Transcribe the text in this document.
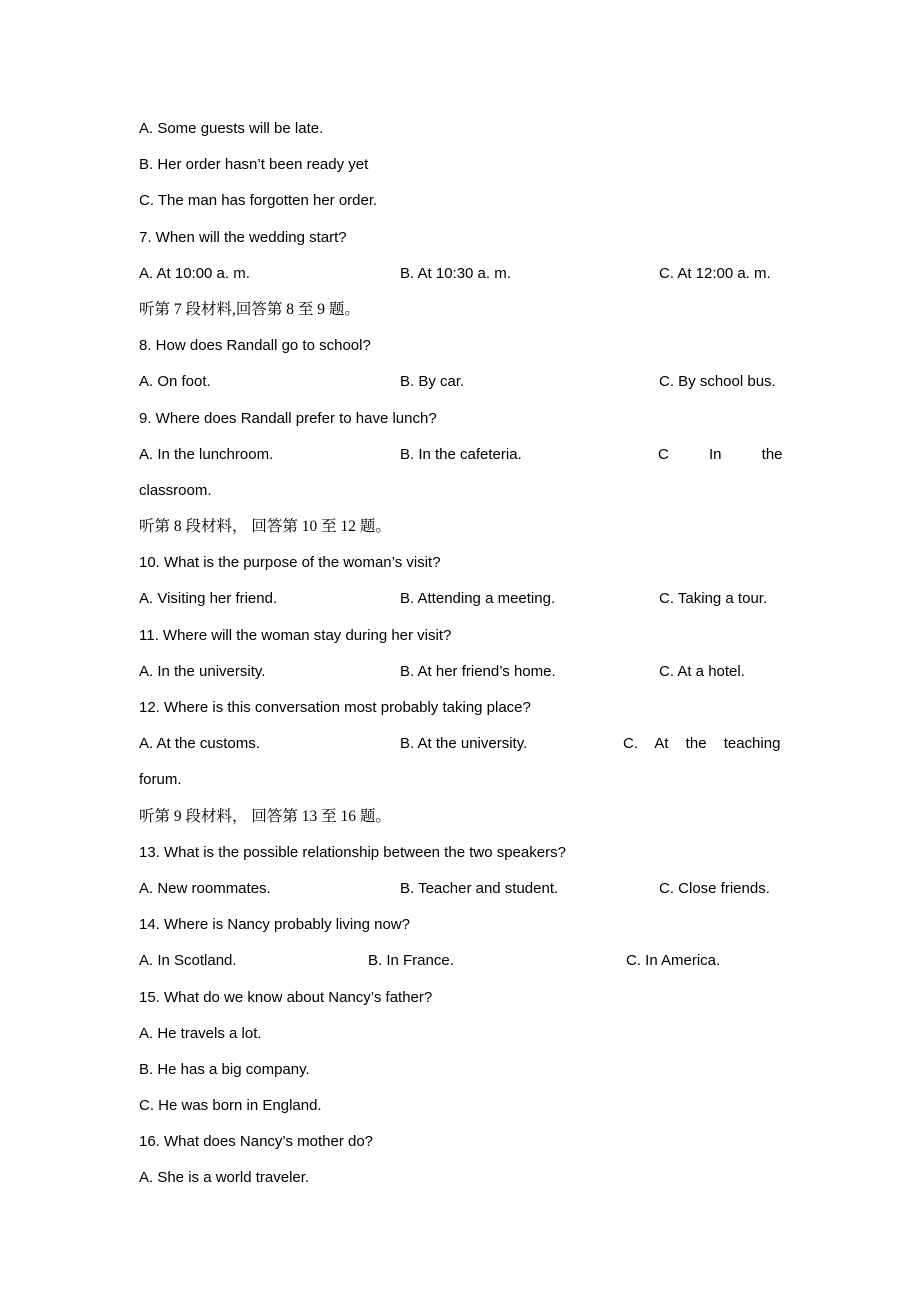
A. Some guests will be late.
B. Her order hasn’t been ready yet
C. The man has forgotten her order.
7. When will the wedding start?
A. At 10:00 a. m.	B. At 10:30 a. m.	C. At 12:00 a. m.
听第 7 段材料,回答第 8 至 9 题。
8. How does Randall go to school?
A. On foot.	B. By car.	C. By school bus.
9. Where does Randall prefer to have lunch?
A. In the lunchroom.	B. In the cafeteria.	C In the
classroom.
听第 8 段材料， 回答第 10 至 12 题。
10. What is the purpose of the woman’s visit?
A. Visiting her friend.	B. Attending a meeting.	C. Taking a tour.
11. Where will the woman stay during her visit?
A. In the university.	B. At her friend’s home.	C. At a hotel.
12. Where is this conversation most probably taking place?
A. At the customs.	B. At the university.	C. At the teaching
forum.
听第 9 段材料， 回答第 13 至 16 题。
13. What is the possible relationship between the two speakers?
A. New roommates.	B. Teacher and student.	C. Close friends.
14. Where is Nancy probably living now?
A. In Scotland.	B. In France.	C. In America.
15. What do we know about Nancy’s father?
A. He travels a lot.
B. He has a big company.
C. He was born in England.
16. What does Nancy’s mother do?
A. She is a world traveler.
